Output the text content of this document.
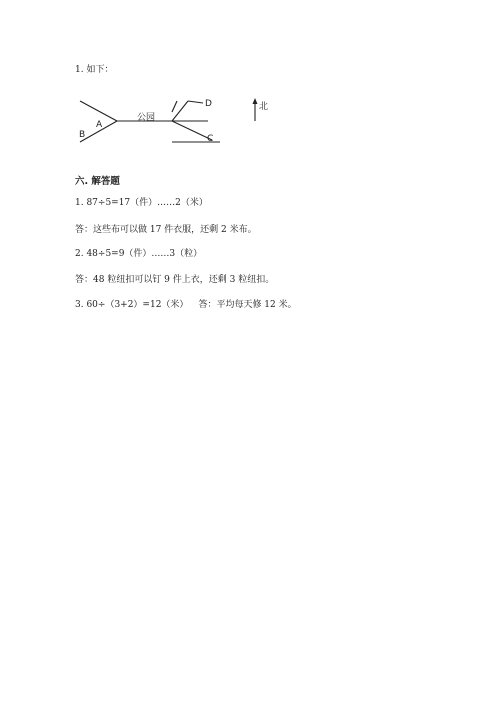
1. 如下：
A
B
公园
D
C
北
六. 解答题
1. 87÷5=17（件）……2（米）
答：这些布可以做 17 件衣服，还剩 2 米布。
2. 48÷5=9（件）……3（粒）
答：48 粒纽扣可以钉 9 件上衣，还剩 3 粒纽扣。
3. 60÷（3+2）=12（米） 答：平均每天修 12 米。
